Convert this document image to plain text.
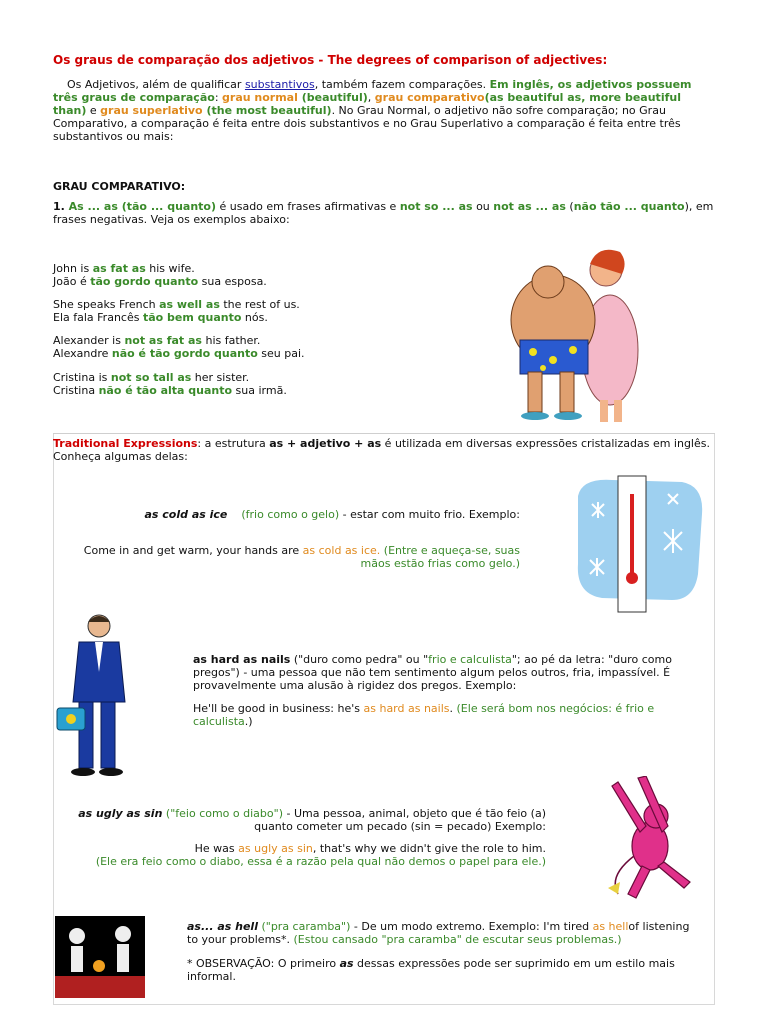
Os graus de comparação dos adjetivos - The degrees of comparison of adjectives:

Os Adjetivos, além de qualificar substantivos, também fazem comparações. Em inglês, os adjetivos possuem três graus de comparação: grau normal (beautiful), grau comparativo(as beautiful as, more beautiful than) e grau superlativo (the most beautiful). No Grau Normal, o adjetivo não sofre comparação; no Grau Comparativo, a comparação é feita entre dois substantivos e no Grau Superlativo a comparação é feita entre três substantivos ou mais:

GRAU COMPARATIVO:

1. As ... as (tão ... quanto) é usado em frases afirmativas e not so ... as ou not as ... as (não tão ... quanto), em frases negativas. Veja os exemplos abaixo:

John is as fat as his wife.
João é tão gordo quanto sua esposa.

She speaks French as well as the rest of us.
Ela fala Francês tão bem quanto nós.

Alexander is not as fat as his father.
Alexandre não é tão gordo quanto seu pai.

Cristina is not so tall as her sister.
Cristina não é tão alta quanto sua irmã.

Traditional Expressions: a estrutura as + adjetivo + as é utilizada em diversas expressões cristalizadas em inglês. Conheça algumas delas:

as cold as ice (frio como o gelo) - estar com muito frio. Exemplo:

Come in and get warm, your hands are as cold as ice. (Entre e aqueça-se, suas mãos estão frias como gelo.)

as hard as nails ("duro como pedra" ou "frio e calculista"; ao pé da letra: "duro como pregos") - uma pessoa que não tem sentimento algum pelos outros, fria, impassível. É provavelmente uma alusão à rigidez dos pregos. Exemplo:

He'll be good in business: he's as hard as nails. (Ele será bom nos negócios: é frio e calculista.)

as ugly as sin ("feio como o diabo") - Uma pessoa, animal, objeto que é tão feio (a) quanto cometer um pecado (sin = pecado) Exemplo:

He was as ugly as sin, that's why we didn't give the role to him.
(Ele era feio como o diabo, essa é a razão pela qual não demos o papel para ele.)

as... as hell ("pra caramba") - De um modo extremo. Exemplo: I'm tired as hellof listening to your problems*. (Estou cansado "pra caramba" de escutar seus problemas.)

* OBSERVAÇÃO: O primeiro as dessas expressões pode ser suprimido em um estilo mais informal.
